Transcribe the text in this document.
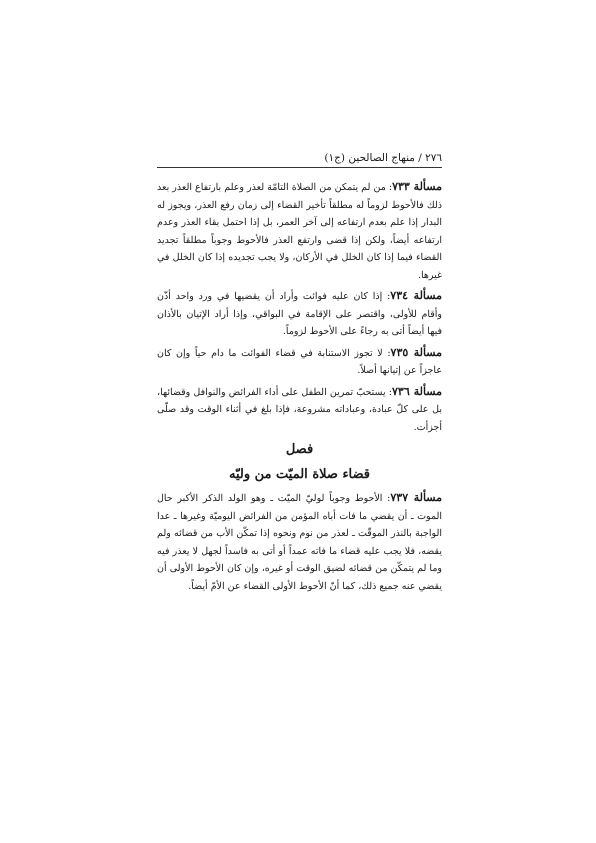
٢٧٦ / منهاج الصالحين (ج١)

مسألة ٧٣٣: من لم يتمكن من الصلاة التامّة لعذر وعلم بارتفاع العذر بعد ذلك فالأحوط لزوماً له مطلقاً تأخير القضاء إلى زمان رفع العذر، ويجوز له البدار إذا علم بعدم ارتفاعه إلى آخر العمر، بل إذا احتمل بقاء العذر وعدم ارتفاعه أيضاً، ولكن إذا قضى وارتفع العذر فالأحوط وجوباً مطلقاً تجديد القضاء فيما إذا كان الخلل في الأركان، ولا يجب تجديده إذا كان الخلل في غيرها.

مسألة ٧٣٤: إذا كان عليه فوائت وأراد أن يقضيها في ورد واحد أذّن وأقام للأولى، واقتصر على الإقامة في البواقي، وإذا أراد الإتيان بالأذان فيها أيضاً أتى به رجاءً على الأحوط لزوماً.

مسألة ٧٣٥: لا تجوز الاستنابة في قضاء الفوائت ما دام حياً وإن كان عاجزاً عن إتيانها أصلاً.

مسألة ٧٣٦: يستحبّ تمرين الطفل على أداء الفرائض والنوافل وقضائها، بل على كلّ عبادة، وعباداته مشروعة، فإذا بلغ في أثناء الوقت وقد صلّى أجزأت.

فصل

قضاء صلاة الميّت من وليّه

مسألة ٧٣٧: الأحوط وجوباً لوليّ الميّت ـ وهو الولد الذكر الأكبر حال الموت ـ أن يقضي ما فات أباه المؤمن من الفرائض اليوميّة وغيرها ـ عدا الواجبة بالنذر الموقّت ـ لعذر من نوم ونحوه إذا تمكّن الأب من قضائه ولم يقضه، فلا يجب عليه قضاء ما فاته عمداً أو أتى به فاسداً لجهل لا يعذر فيه وما لم يتمكّن من قضائه لضيق الوقت أو غيره، وإن كان الأحوط الأولى أن يقضي عنه جميع ذلك، كما أنّ الأحوط الأولى القضاء عن الأمّ أيضاً.
